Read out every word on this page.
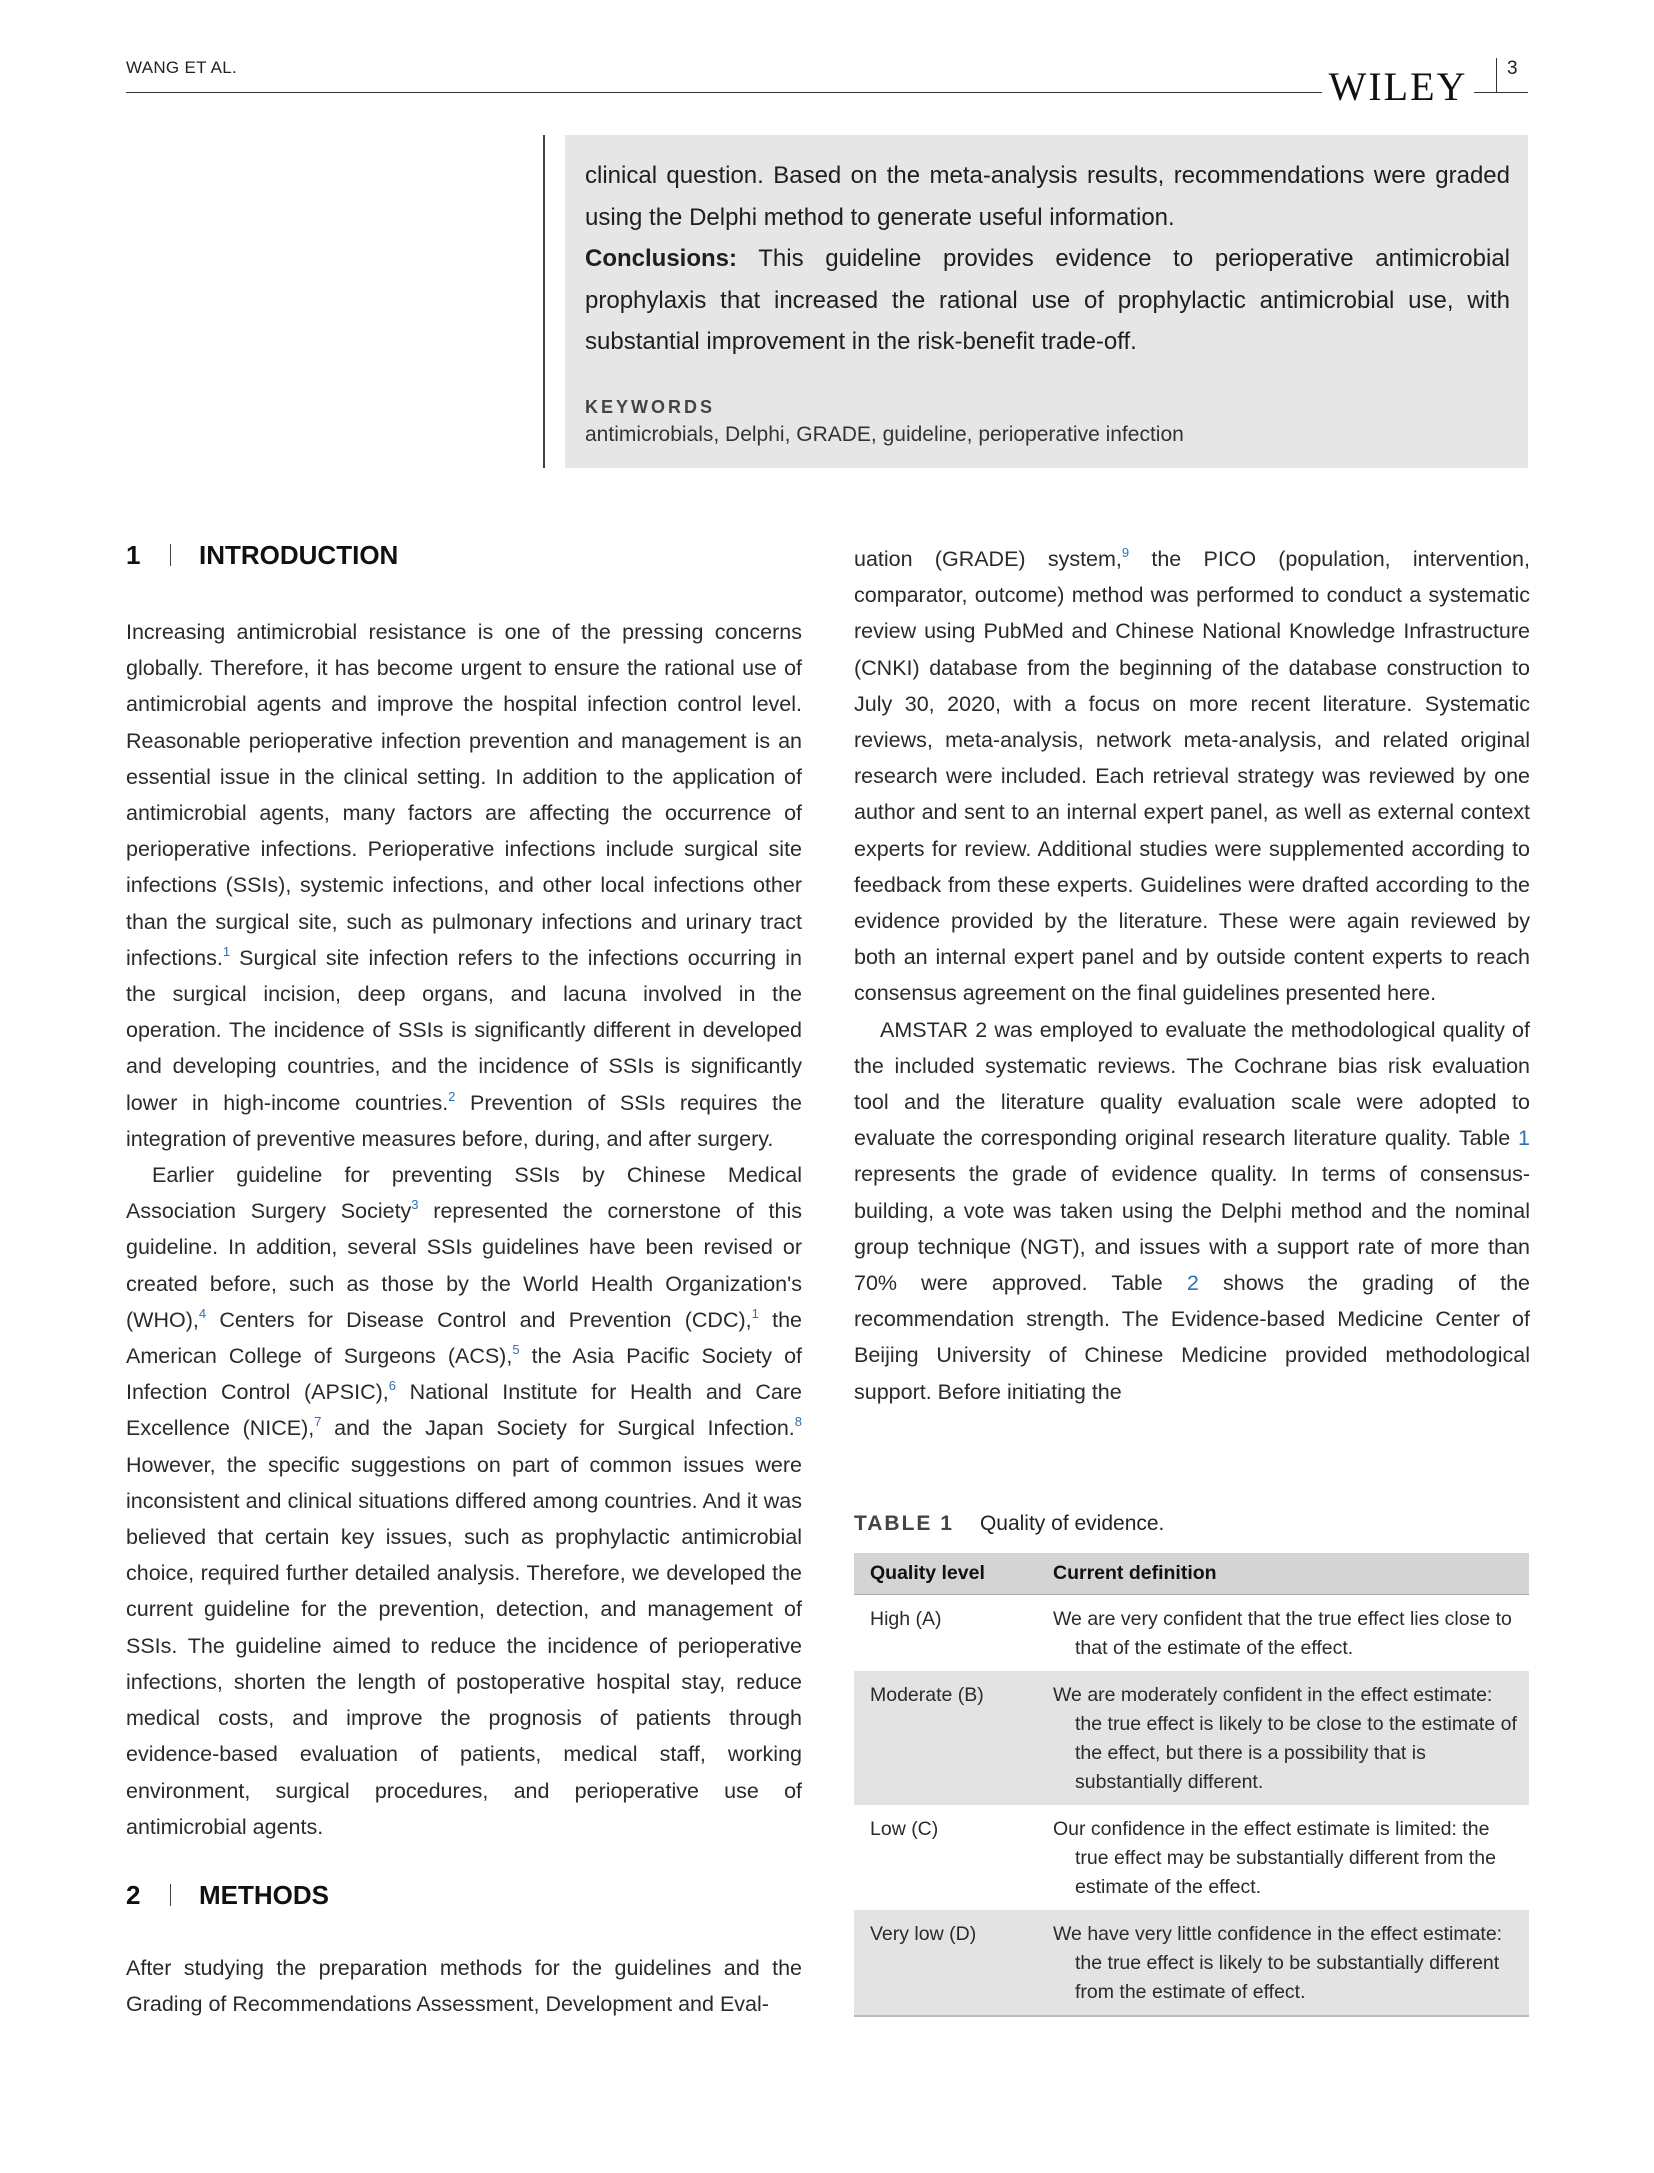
WANG ET AL.	WILEY	3

clinical question. Based on the meta-analysis results, recommendations were graded using the Delphi method to generate useful information.

Conclusions: This guideline provides evidence to perioperative antimicrobial prophylaxis that increased the rational use of prophylactic antimicrobial use, with substantial improvement in the risk-benefit trade-off.

KEYWORDS
antimicrobials, Delphi, GRADE, guideline, perioperative infection
1 INTRODUCTION

Increasing antimicrobial resistance is one of the pressing concerns globally. Therefore, it has become urgent to ensure the rational use of antimicrobial agents and improve the hospital infection control level. Reasonable perioperative infection prevention and management is an essential issue in the clinical setting. In addition to the application of antimicrobial agents, many factors are affecting the occurrence of perioperative infections. Perioperative infections include surgical site infections (SSIs), systemic infections, and other local infections other than the surgical site, such as pulmonary infections and urinary tract infections.$^1$ Surgical site infection refers to the infections occurring in the surgical incision, deep organs, and lacuna involved in the operation. The incidence of SSIs is significantly different in developed and developing countries, and the incidence of SSIs is significantly lower in high-income countries.$^2$ Prevention of SSIs requires the integration of preventive measures before, during, and after surgery.

Earlier guideline for preventing SSIs by Chinese Medical Association Surgery Society$^3$ represented the cornerstone of this guideline. In addition, several SSIs guidelines have been revised or created before, such as those by the World Health Organization's (WHO),$^4$ Centers for Disease Control and Prevention (CDC),$^1$ the American College of Surgeons (ACS),$^5$ the Asia Pacific Society of Infection Control (APSIC),$^6$ National Institute for Health and Care Excellence (NICE),$^7$ and the Japan Society for Surgical Infection.$^8$ However, the specific suggestions on part of common issues were inconsistent and clinical situations differed among countries. And it was believed that certain key issues, such as prophylactic antimicrobial choice, required further detailed analysis. Therefore, we developed the current guideline for the prevention, detection, and management of SSIs. The guideline aimed to reduce the incidence of perioperative infections, shorten the length of postoperative hospital stay, reduce medical costs, and improve the prognosis of patients through evidence-based evaluation of patients, medical staff, working environment, surgical procedures, and perioperative use of antimicrobial agents.

2 METHODS

After studying the preparation methods for the guidelines and the Grading of Recommendations Assessment, Development and Eval-

uation (GRADE) system,$^9$ the PICO (population, intervention, comparator, outcome) method was performed to conduct a systematic review using PubMed and Chinese National Knowledge Infrastructure (CNKI) database from the beginning of the database construction to July 30, 2020, with a focus on more recent literature. Systematic reviews, meta-analysis, network meta-analysis, and related original research were included. Each retrieval strategy was reviewed by one author and sent to an internal expert panel, as well as external context experts for review. Additional studies were supplemented according to feedback from these experts. Guidelines were drafted according to the evidence provided by the literature. These were again reviewed by both an internal expert panel and by outside content experts to reach consensus agreement on the final guidelines presented here.

AMSTAR 2 was employed to evaluate the methodological quality of the included systematic reviews. The Cochrane bias risk evaluation tool and the literature quality evaluation scale were adopted to evaluate the corresponding original research literature quality. Table 1 represents the grade of evidence quality. In terms of consensus-building, a vote was taken using the Delphi method and the nominal group technique (NGT), and issues with a support rate of more than 70% were approved. Table 2 shows the grading of the recommendation strength. The Evidence-based Medicine Center of Beijing University of Chinese Medicine provided methodological support. Before initiating the

TABLE 1 Quality of evidence.
Quality level	Current definition
High (A)	We are very confident that the true effect lies close to that of the estimate of the effect.

Moderate (B)	We are moderately confident in the effect estimate: the true effect is likely to be close to the estimate of the effect, but there is a possibility that is substantially different.

Low (C)	Our confidence in the effect estimate is limited: the true effect may be substantially different from the estimate of the effect.

Very low (D)	We have very little confidence in the effect estimate: the true effect is likely to be substantially different from the estimate of effect.
